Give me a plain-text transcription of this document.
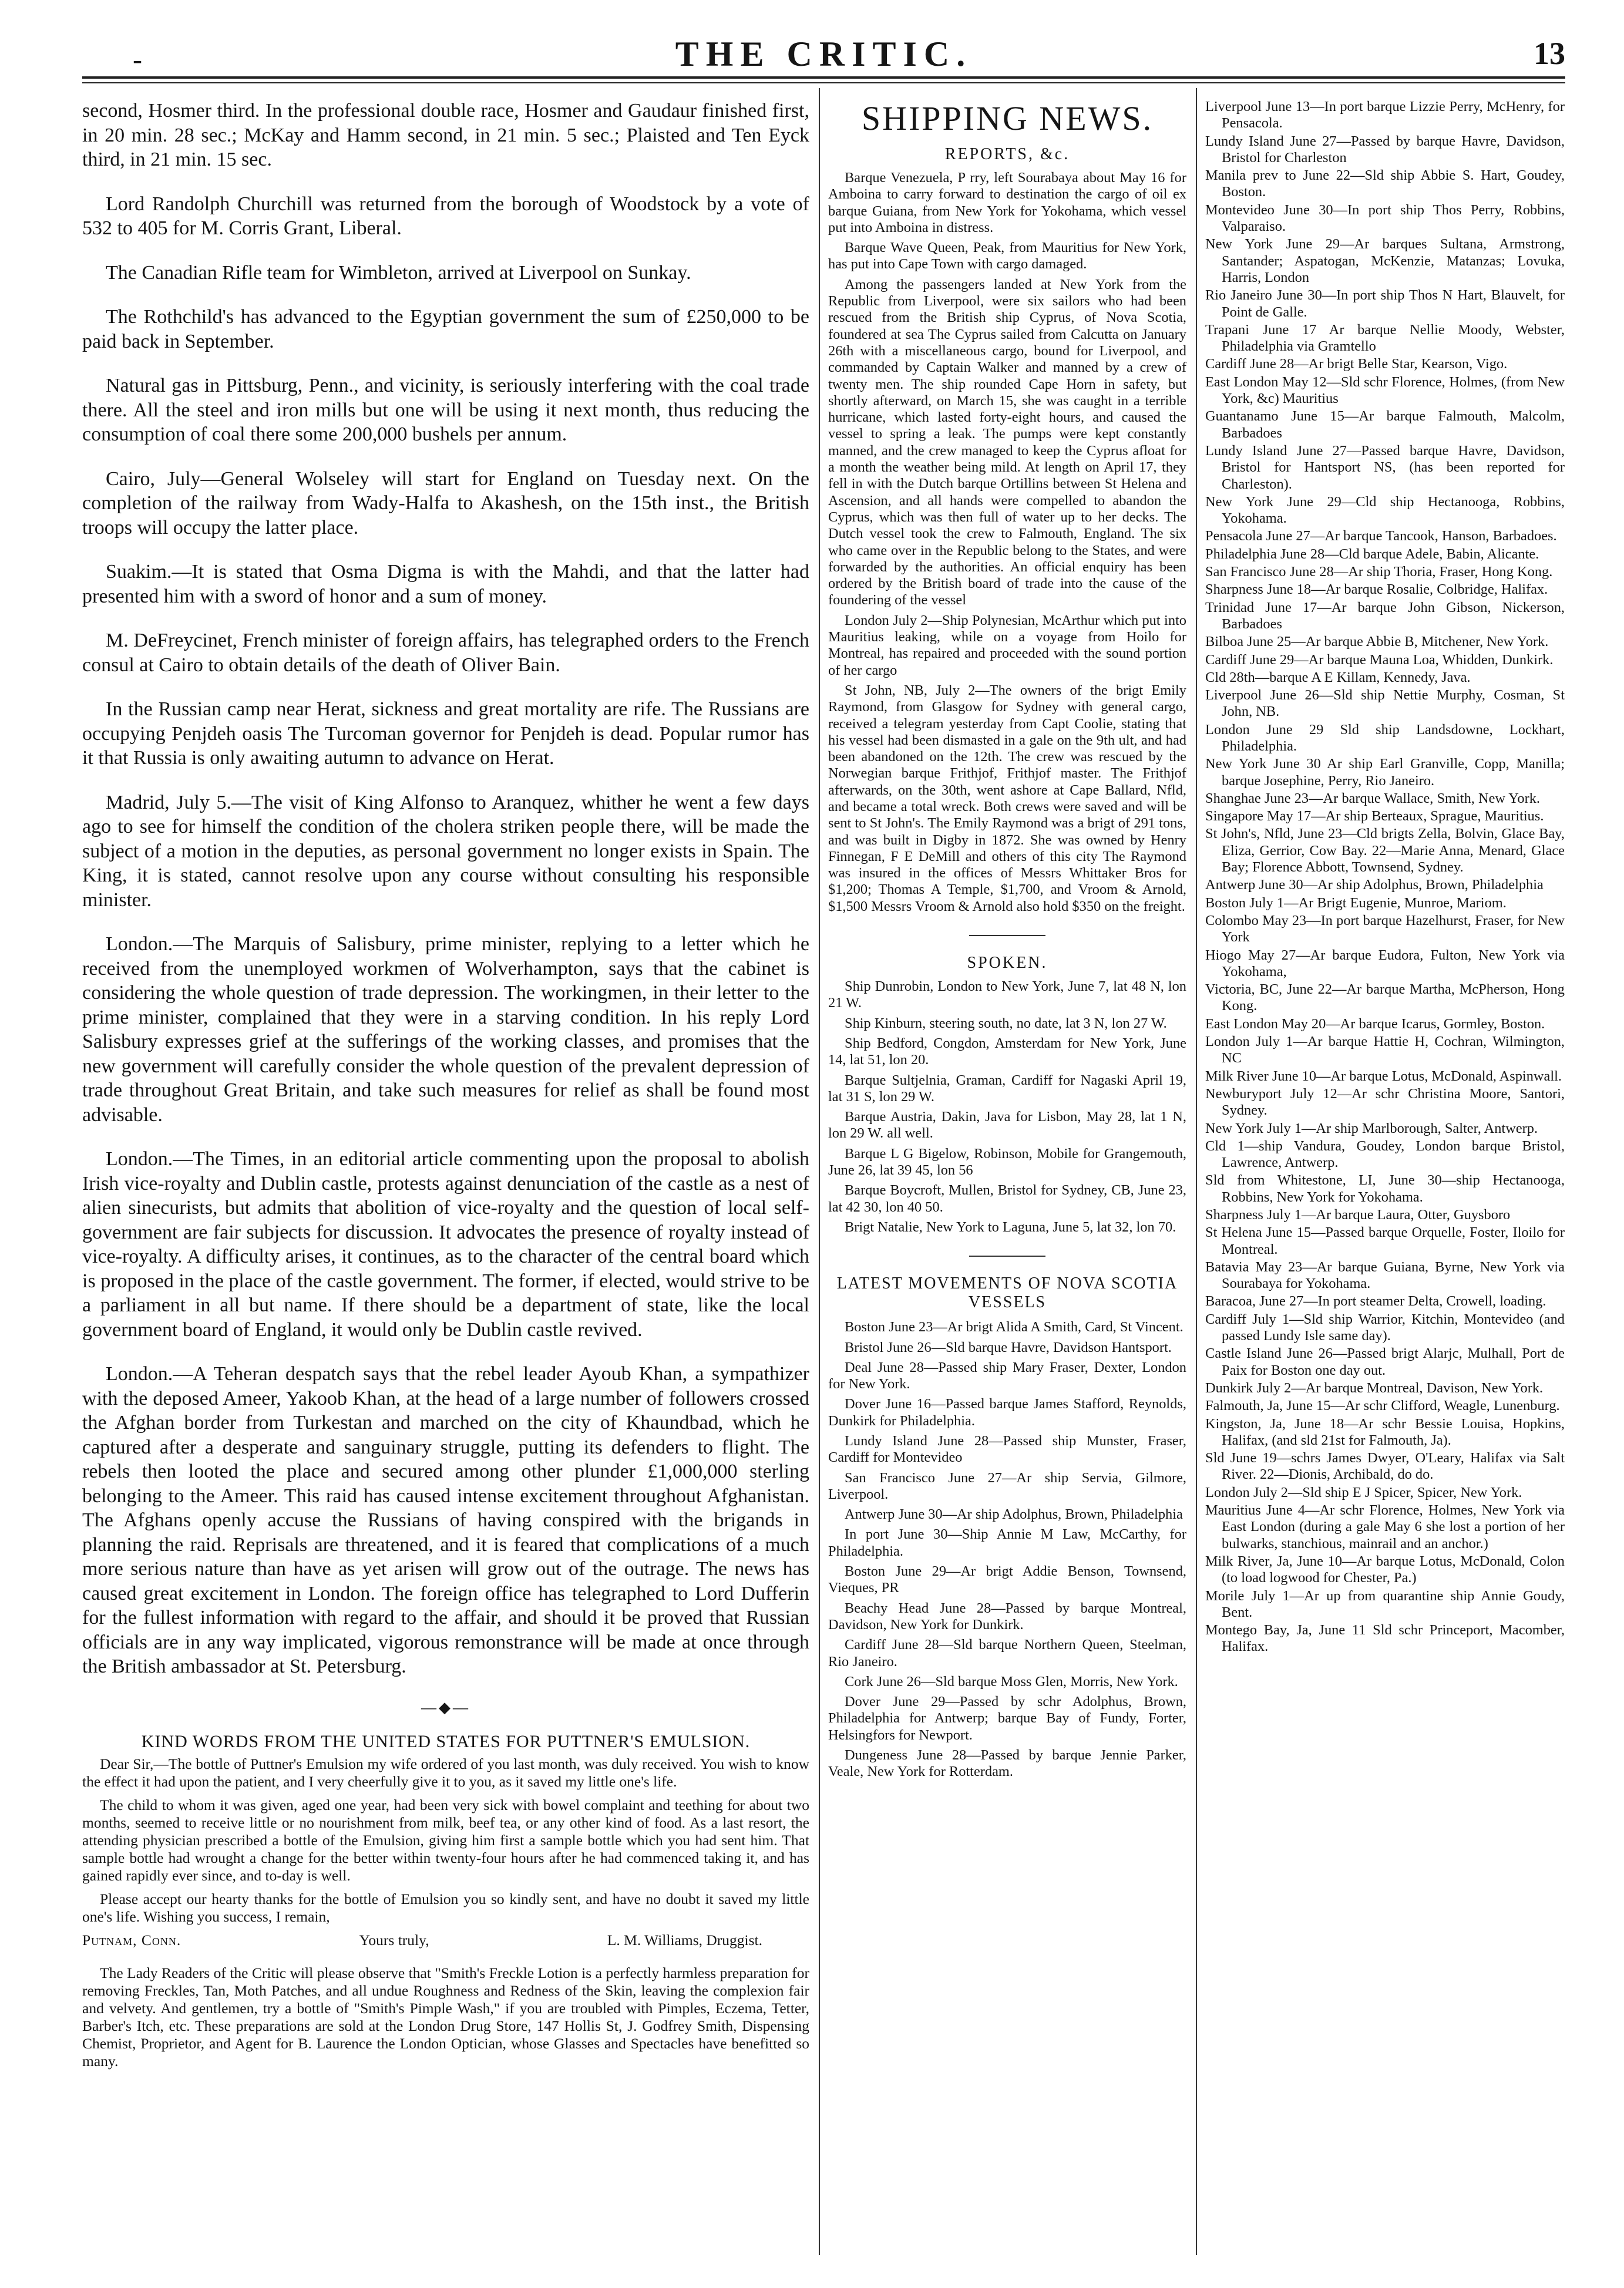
-	THE CRITIC.	13

second, Hosmer third. In the professional double race, Hosmer and Gaudaur finished first, in 20 min. 28 sec.; McKay and Hamm second, in 21 min. 5 sec.; Plaisted and Ten Eyck third, in 21 min. 15 sec.

Lord Randolph Churchill was returned from the borough of Woodstock by a vote of 532 to 405 for M. Corris Grant, Liberal.

The Canadian Rifle team for Wimbleton, arrived at Liverpool on Sunkay.

The Rothchild's has advanced to the Egyptian government the sum of £250,000 to be paid back in September.

Natural gas in Pittsburg, Penn., and vicinity, is seriously interfering with the coal trade there. All the steel and iron mills but one will be using it next month, thus reducing the consumption of coal there some 200,000 bushels per annum.

Cairo, July—General Wolseley will start for England on Tuesday next. On the completion of the railway from Wady-Halfa to Akashesh, on the 15th inst., the British troops will occupy the latter place.

Suakim.—It is stated that Osma Digma is with the Mahdi, and that the latter had presented him with a sword of honor and a sum of money.

M. DeFreycinet, French minister of foreign affairs, has telegraphed orders to the French consul at Cairo to obtain details of the death of Oliver Bain.

In the Russian camp near Herat, sickness and great mortality are rife. The Russians are occupying Penjdeh oasis The Turcoman governor for Penjdeh is dead. Popular rumor has it that Russia is only awaiting autumn to advance on Herat.

Madrid, July 5.—The visit of King Alfonso to Aranquez, whither he went a few days ago to see for himself the condition of the cholera striken people there, will be made the subject of a motion in the deputies, as personal government no longer exists in Spain. The King, it is stated, cannot resolve upon any course without consulting his responsible minister.

London.—The Marquis of Salisbury, prime minister, replying to a letter which he received from the unemployed workmen of Wolverhampton, says that the cabinet is considering the whole question of trade depression. The workingmen, in their letter to the prime minister, complained that they were in a starving condition. In his reply Lord Salisbury expresses grief at the sufferings of the working classes, and promises that the new government will carefully consider the whole question of the prevalent depression of trade throughout Great Britain, and take such measures for relief as shall be found most advisable.

London.—The Times, in an editorial article commenting upon the proposal to abolish Irish vice-royalty and Dublin castle, protests against denunciation of the castle as a nest of alien sinecurists, but admits that abolition of vice-royalty and the question of local self-government are fair subjects for discussion. It advocates the presence of royalty instead of vice-royalty. A difficulty arises, it continues, as to the character of the central board which is proposed in the place of the castle government. The former, if elected, would strive to be a parliament in all but name. If there should be a department of state, like the local government board of England, it would only be Dublin castle revived.

London.—A Teheran despatch says that the rebel leader Ayoub Khan, a sympathizer with the deposed Ameer, Yakoob Khan, at the head of a large number of followers crossed the Afghan border from Turkestan and marched on the city of Khaundbad, which he captured after a desperate and sanguinary struggle, putting its defenders to flight. The rebels then looted the place and secured among other plunder £1,000,000 sterling belonging to the Ameer. This raid has caused intense excitement throughout Afghanistan. The Afghans openly accuse the Russians of having conspired with the brigands in planning the raid. Reprisals are threatened, and it is feared that complications of a much more serious nature than have as yet arisen will grow out of the outrage. The news has caused great excitement in London. The foreign office has telegraphed to Lord Dufferin for the fullest information with regard to the affair, and should it be proved that Russian officials are in any way implicated, vigorous remonstrance will be made at once through the British ambassador at St. Petersburg.

—◆—
KIND WORDS FROM THE UNITED STATES FOR PUTTNER'S EMULSION.

Dear Sir,—The bottle of Puttner's Emulsion my wife ordered of you last month, was duly received. You wish to know the effect it had upon the patient, and I very cheerfully give it to you, as it saved my little one's life.

The child to whom it was given, aged one year, had been very sick with bowel complaint and teething for about two months, seemed to receive little or no nourishment from milk, beef tea, or any other kind of food. As a last resort, the attending physician prescribed a bottle of the Emulsion, giving him first a sample bottle which you had sent him. That sample bottle had wrought a change for the better within twenty-four hours after he had commenced taking it, and has gained rapidly ever since, and to-day is well.

Please accept our hearty thanks for the bottle of Emulsion you so kindly sent, and have no doubt it saved my little one's life. Wishing you success, I remain,

Putnam, Conn.	Yours truly,	L. M. Williams, Druggist.

The Lady Readers of the Critic will please observe that "Smith's Freckle Lotion is a perfectly harmless preparation for removing Freckles, Tan, Moth Patches, and all undue Roughness and Redness of the Skin, leaving the complexion fair and velvety. And gentlemen, try a bottle of "Smith's Pimple Wash," if you are troubled with Pimples, Eczema, Tetter, Barber's Itch, etc. These preparations are sold at the London Drug Store, 147 Hollis St, J. Godfrey Smith, Dispensing Chemist, Proprietor, and Agent for B. Laurence the London Optician, whose Glasses and Spectacles have benefitted so many.

SHIPPING NEWS.
REPORTS, &c.

Barque Venezuela, P rry, left Sourabaya about May 16 for Amboina to carry forward to destination the cargo of oil ex barque Guiana, from New York for Yokohama, which vessel put into Amboina in distress.

Barque Wave Queen, Peak, from Mauritius for New York, has put into Cape Town with cargo damaged.

Among the passengers landed at New York from the Republic from Liverpool, were six sailors who had been rescued from the British ship Cyprus, of Nova Scotia, foundered at sea The Cyprus sailed from Calcutta on January 26th with a miscellaneous cargo, bound for Liverpool, and commanded by Captain Walker and manned by a crew of twenty men. The ship rounded Cape Horn in safety, but shortly afterward, on March 15, she was caught in a terrible hurricane, which lasted forty-eight hours, and caused the vessel to spring a leak. The pumps were kept constantly manned, and the crew managed to keep the Cyprus afloat for a month the weather being mild. At length on April 17, they fell in with the Dutch barque Ortillins between St Helena and Ascension, and all hands were compelled to abandon the Cyprus, which was then full of water up to her decks. The Dutch vessel took the crew to Falmouth, England. The six who came over in the Republic belong to the States, and were forwarded by the authorities. An official enquiry has been ordered by the British board of trade into the cause of the foundering of the vessel

London July 2—Ship Polynesian, McArthur which put into Mauritius leaking, while on a voyage from Hoilo for Montreal, has repaired and proceeded with the sound portion of her cargo

St John, NB, July 2—The owners of the brigt Emily Raymond, from Glasgow for Sydney with general cargo, received a telegram yesterday from Capt Coolie, stating that his vessel had been dismasted in a gale on the 9th ult, and had been abandoned on the 12th. The crew was rescued by the Norwegian barque Frithjof, Frithjof master. The Frithjof afterwards, on the 30th, went ashore at Cape Ballard, Nfld, and became a total wreck. Both crews were saved and will be sent to St John's. The Emily Raymond was a brigt of 291 tons, and was built in Digby in 1872. She was owned by Henry Finnegan, F E DeMill and others of this city The Raymond was insured in the offices of Messrs Whittaker Bros for $1,200; Thomas A Temple, $1,700, and Vroom & Arnold, $1,500 Messrs Vroom & Arnold also hold $350 on the freight.

SPOKEN.

Ship Dunrobin, London to New York, June 7, lat 48 N, lon 21 W.

Ship Kinburn, steering south, no date, lat 3 N, lon 27 W.

Ship Bedford, Congdon, Amsterdam for New York, June 14, lat 51, lon 20.

Barque Sultjelnia, Graman, Cardiff for Nagaski April 19, lat 31 S, lon 29 W.

Barque Austria, Dakin, Java for Lisbon, May 28, lat 1 N, lon 29 W. all well.

Barque L G Bigelow, Robinson, Mobile for Grangemouth, June 26, lat 39 45, lon 56

Barque Boycroft, Mullen, Bristol for Sydney, CB, June 23, lat 42 30, lon 40 50.

Brigt Natalie, New York to Laguna, June 5, lat 32, lon 70.

LATEST MOVEMENTS OF NOVA SCOTIA VESSELS

Boston June 23—Ar brigt Alida A Smith, Card, St Vincent.

Bristol June 26—Sld barque Havre, Davidson Hantsport.

Deal June 28—Passed ship Mary Fraser, Dexter, London for New York.

Dover June 16—Passed barque James Stafford, Reynolds, Dunkirk for Philadelphia.

Lundy Island June 28—Passed ship Munster, Fraser, Cardiff for Montevideo

San Francisco June 27—Ar ship Servia, Gilmore, Liverpool.

Antwerp June 30—Ar ship Adolphus, Brown, Philadelphia

In port June 30—Ship Annie M Law, McCarthy, for Philadelphia.

Boston June 29—Ar brigt Addie Benson, Townsend, Vieques, PR

Beachy Head June 28—Passed by barque Montreal, Davidson, New York for Dunkirk.

Cardiff June 28—Sld barque Northern Queen, Steelman, Rio Janeiro.

Cork June 26—Sld barque Moss Glen, Morris, New York.

Dover June 29—Passed by schr Adolphus, Brown, Philadelphia for Antwerp; barque Bay of Fundy, Forter, Helsingfors for Newport.

Dungeness June 28—Passed by barque Jennie Parker, Veale, New York for Rotterdam.

Liverpool June 13—In port barque Lizzie Perry, McHenry, for Pensacola.

Lundy Island June 27—Passed by barque Havre, Davidson, Bristol for Charleston

Manila prev to June 22—Sld ship Abbie S. Hart, Goudey, Boston.

Montevideo June 30—In port ship Thos Perry, Robbins, Valparaiso.

New York June 29—Ar barques Sultana, Armstrong, Santander; Aspatogan, McKenzie, Matanzas; Lovuka, Harris, London

Rio Janeiro June 30—In port ship Thos N Hart, Blauvelt, for Point de Galle.

Trapani June 17 Ar barque Nellie Moody, Webster, Philadelphia via Gramtello

Cardiff June 28—Ar brigt Belle Star, Kearson, Vigo.

East London May 12—Sld schr Florence, Holmes, (from New York, &c) Mauritius

Guantanamo June 15—Ar barque Falmouth, Malcolm, Barbadoes

Lundy Island June 27—Passed barque Havre, Davidson, Bristol for Hantsport NS, (has been reported for Charleston).

New York June 29—Cld ship Hectanooga, Robbins, Yokohama.

Pensacola June 27—Ar barque Tancook, Hanson, Barbadoes.

Philadelphia June 28—Cld barque Adele, Babin, Alicante.

San Francisco June 28—Ar ship Thoria, Fraser, Hong Kong.

Sharpness June 18—Ar barque Rosalie, Colbridge, Halifax.

Trinidad June 17—Ar barque John Gibson, Nickerson, Barbadoes

Bilboa June 25—Ar barque Abbie B, Mitchener, New York.

Cardiff June 29—Ar barque Mauna Loa, Whidden, Dunkirk.

Cld 28th—barque A E Killam, Kennedy, Java.

Liverpool June 26—Sld ship Nettie Murphy, Cosman, St John, NB.

London June 29 Sld ship Landsdowne, Lockhart, Philadelphia.

New York June 30 Ar ship Earl Granville, Copp, Manilla; barque Josephine, Perry, Rio Janeiro.

Shanghae June 23—Ar barque Wallace, Smith, New York.

Singapore May 17—Ar ship Berteaux, Sprague, Mauritius.

St John's, Nfld, June 23—Cld brigts Zella, Bolvin, Glace Bay, Eliza, Gerrior, Cow Bay. 22—Marie Anna, Menard, Glace Bay; Florence Abbott, Townsend, Sydney.

Antwerp June 30—Ar ship Adolphus, Brown, Philadelphia

Boston July 1—Ar Brigt Eugenie, Munroe, Mariom.

Colombo May 23—In port barque Hazelhurst, Fraser, for New York

Hiogo May 27—Ar barque Eudora, Fulton, New York via Yokohama,

Victoria, BC, June 22—Ar barque Martha, McPherson, Hong Kong.

East London May 20—Ar barque Icarus, Gormley, Boston.

London July 1—Ar barque Hattie H, Cochran, Wilmington, NC

Milk River June 10—Ar barque Lotus, McDonald, Aspinwall.

Newburyport July 12—Ar schr Christina Moore, Santori, Sydney.

New York July 1—Ar ship Marlborough, Salter, Antwerp.

Cld 1—ship Vandura, Goudey, London barque Bristol, Lawrence, Antwerp.

Sld from Whitestone, LI, June 30—ship Hectanooga, Robbins, New York for Yokohama.

Sharpness July 1—Ar barque Laura, Otter, Guysboro

St Helena June 15—Passed barque Orquelle, Foster, Iloilo for Montreal.

Batavia May 23—Ar barque Guiana, Byrne, New York via Sourabaya for Yokohama.

Baracoa, June 27—In port steamer Delta, Crowell, loading.

Cardiff July 1—Sld ship Warrior, Kitchin, Montevideo (and passed Lundy Isle same day).

Castle Island June 26—Passed brigt Alarjc, Mulhall, Port de Paix for Boston one day out.

Dunkirk July 2—Ar barque Montreal, Davison, New York.

Falmouth, Ja, June 15—Ar schr Clifford, Weagle, Lunenburg.

Kingston, Ja, June 18—Ar schr Bessie Louisa, Hopkins, Halifax, (and sld 21st for Falmouth, Ja).

Sld June 19—schrs James Dwyer, O'Leary, Halifax via Salt River. 22—Dionis, Archibald, do do.

London July 2—Sld ship E J Spicer, Spicer, New York.

Mauritius June 4—Ar schr Florence, Holmes, New York via East London (during a gale May 6 she lost a portion of her bulwarks, stanchious, mainrail and an anchor.)

Milk River, Ja, June 10—Ar barque Lotus, McDonald, Colon (to load logwood for Chester, Pa.)

Morile July 1—Ar up from quarantine ship Annie Goudy, Bent.

Montego Bay, Ja, June 11 Sld schr Princeport, Macomber, Halifax.
